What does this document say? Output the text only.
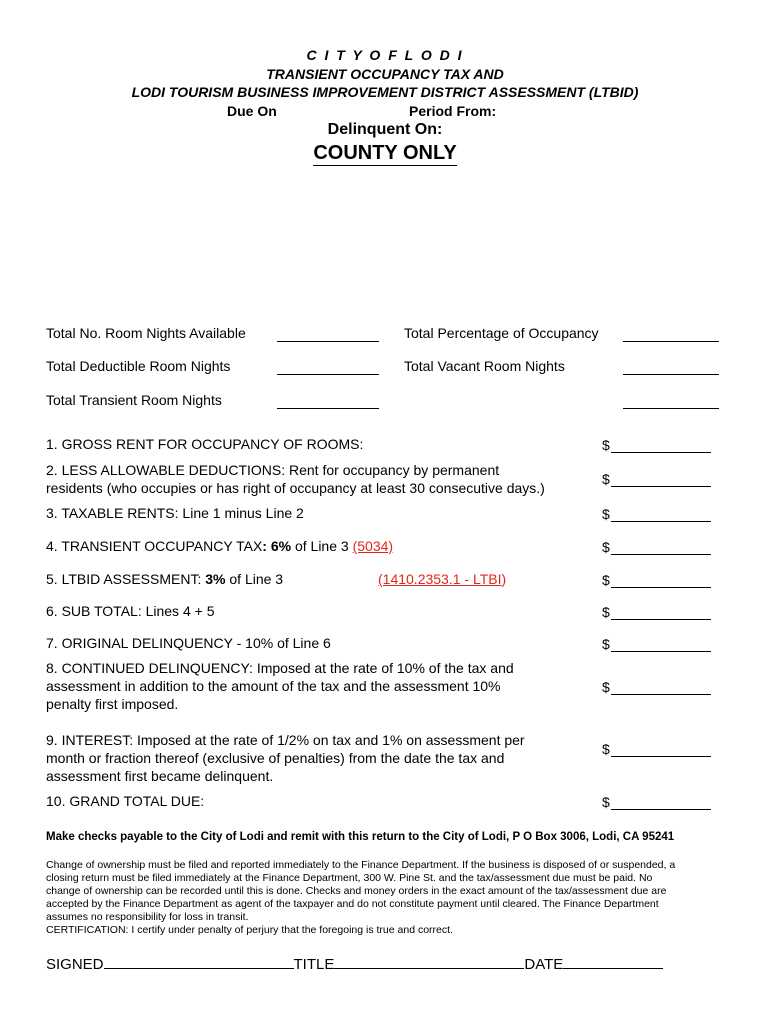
C I T Y O F L O D I
TRANSIENT OCCUPANCY TAX AND
LODI TOURISM BUSINESS IMPROVEMENT DISTRICT ASSESSMENT (LTBID)
Due On	Period From:
Delinquent On:
COUNTY ONLY
Total No. Room Nights Available	Total Percentage of Occupancy
Total Deductible Room Nights	Total Vacant Room Nights
Total Transient Room Nights
1. GROSS RENT FOR OCCUPANCY OF ROOMS:	$
2. LESS ALLOWABLE DEDUCTIONS: Rent for occupancy by permanent
residents (who occupies or has right of occupancy at least 30 consecutive days.)
$
3. TAXABLE RENTS: Line 1 minus Line 2	$
4. TRANSIENT OCCUPANCY TAX: 6% of Line 3 (5034)	$
5. LTBID ASSESSMENT: 3% of Line 3	(1410.2353.1 - LTBI)	$
6. SUB TOTAL: Lines 4 + 5	$
7. ORIGINAL DELINQUENCY - 10% of Line 6	$
8. CONTINUED DELINQUENCY: Imposed at the rate of 10% of the tax and
assessment in addition to the amount of the tax and the assessment 10%
penalty first imposed.
$
9. INTEREST: Imposed at the rate of 1/2% on tax and 1% on assessment per
month or fraction thereof (exclusive of penalties) from the date the tax and
assessment first became delinquent.
$
10. GRAND TOTAL DUE:	$
Make checks payable to the City of Lodi and remit with this return to the City of Lodi, P O Box 3006, Lodi, CA 95241
Change of ownership must be filed and reported immediately to the Finance Department. If the business is disposed of or suspended, a
closing return must be filed immediately at the Finance Department, 300 W. Pine St. and the tax/assessment due must be paid. No
change of ownership can be recorded until this is done. Checks and money orders in the exact amount of the tax/assessment due are
accepted by the Finance Department as agent of the taxpayer and do not constitute payment until cleared. The Finance Department
assumes no responsibility for loss in transit.
CERTIFICATION: I certify under penalty of perjury that the foregoing is true and correct.
SIGNED	TITLE	DATE
